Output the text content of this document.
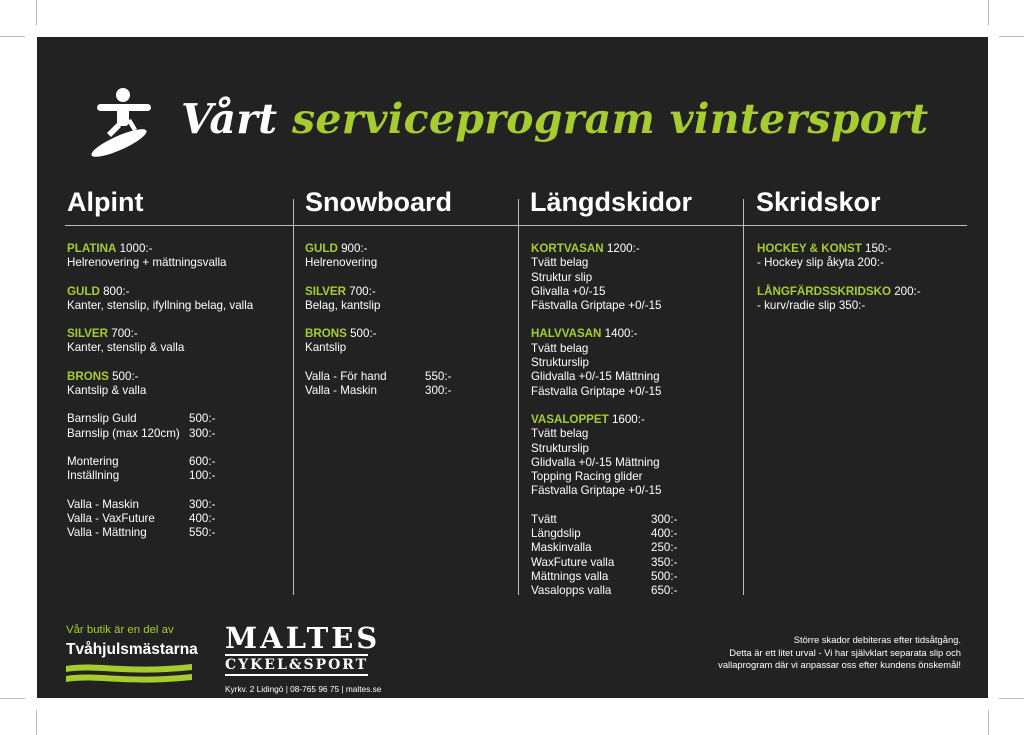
Vårt serviceprogram vintersport
Alpint	Snowboard	Längdskidor Skridskor
PLATINA 1000:-
Helrenovering + mättningsvalla
GULD 800:-
Kanter, stenslip, ifyllning belag, valla
SILVER 700:-
Kanter, stenslip & valla
BRONS 500:-
Kantslip & valla
Barnslip Guld	500:-
Barnslip (max 120cm) 300:-
Montering	600:-
Inställning	100:-
Valla - Maskin	300:-
Valla - VaxFuture	400:-
Valla - Mättning	550:-
GULD 900:-
Helrenovering
SILVER 700:-
Belag, kantslip
BRONS 500:-
Kantslip
Valla - För hand	550:-
Valla - Maskin	300:-
KORTVASAN 1200:-
Tvätt belag
Struktur slip
Glivalla +0/-15
Fästvalla Griptape +0/-15
HALVVASAN 1400:-
Tvätt belag
Strukturslip
Glidvalla +0/-15 Mättning
Fästvalla Griptape +0/-15
VASALOPPET 1600:-
Tvätt belag
Strukturslip
Glidvalla +0/-15 Mättning
Topping Racing glider
Fästvalla Griptape +0/-15
Tvätt	300:-
Längdslip	400:-
Maskinvalla	250:-
WaxFuture valla	350:-
Mättnings valla	500:-
Vasalopps valla	650:-
HOCKEY & KONST 150:-
- Hockey slip åkyta 200:-
LÅNGFÄRDSSKRIDSKO 200:-
- kurv/radie slip 350:-
Vår butik är en del av
Tvåhjulsmästarna MALTES
CYKEL&SPORT
Kyrkv. 2 Lidingö | 08-765 96 75 | maltes.se
Större skador debiteras efter tidsåtgång.
Detta är ett litet urval - Vi har självklart separata slip och
vallaprogram där vi anpassar oss efter kundens önskemål!
